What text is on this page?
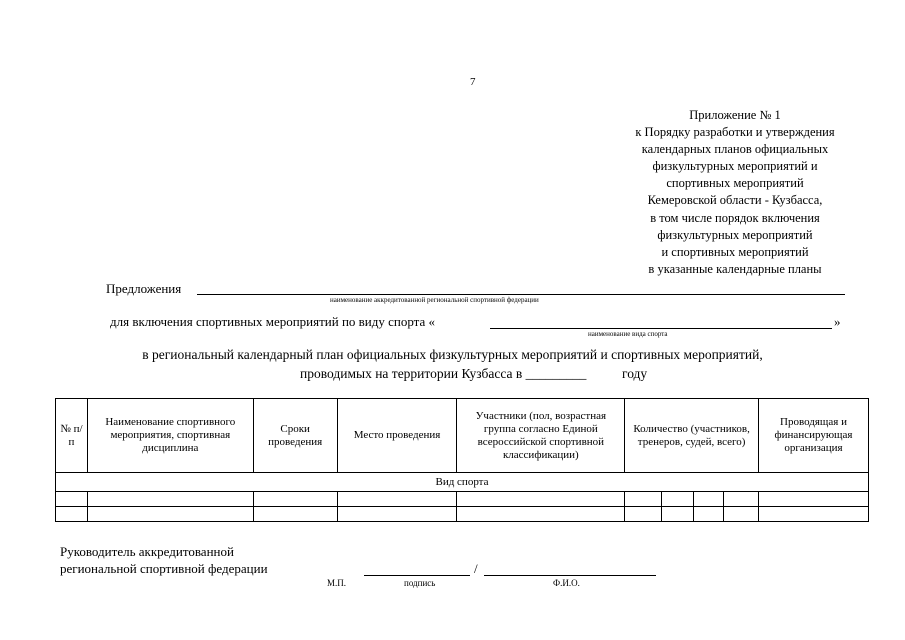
7
Приложение № 1
к Порядку разработки и утверждения
календарных планов официальных
физкультурных мероприятий и
спортивных мероприятий
Кемеровской области - Кузбасса,
в том числе порядок включения
физкультурных мероприятий
и спортивных мероприятий
в указанные календарные планы
Предложения
наименование аккредитованной региональной спортивной федерации
для включения спортивных мероприятий по виду спорта «	»
наименование вида спорта
в региональный календарный план официальных физкультурных мероприятий и спортивных мероприятий,
проводимых на территории Кузбасса в _________	году
№ п/п	Наименование спортивного мероприятия, спортивная дисциплина	Сроки проведения	Место проведения	Участники (пол, возрастная группа согласно Единой всероссийской спортивной классификации)	Количество (участников, тренеров, судей, всего)				Проводящая и финансирующая организация
Вид спорта									

Руководитель аккредитованной
региональной спортивной федерации	/
М.П.	подпись	Ф.И.О.
